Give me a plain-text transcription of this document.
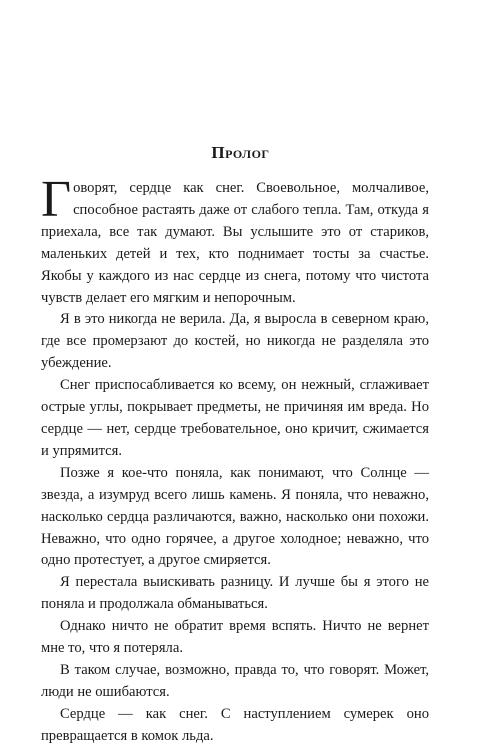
Пролог

Говорят, сердце как снег. Своевольное, молчаливое, способное растаять даже от слабого тепла. Там, откуда я приехала, все так думают. Вы услышите это от стариков, маленьких детей и тех, кто поднимает тосты за счастье. Якобы у каждого из нас сердце из снега, потому что чистота чувств делает его мягким и непорочным.

Я в это никогда не верила. Да, я выросла в северном краю, где все промерзают до костей, но никогда не разделяла это убеждение.

Снег приспосабливается ко всему, он нежный, сглаживает острые углы, покрывает предметы, не причиняя им вреда. Но сердце — нет, сердце требовательное, оно кричит, сжимается и упрямится.

Позже я кое-что поняла, как понимают, что Солнце — звезда, а изумруд всего лишь камень. Я поняла, что неважно, насколько сердца различаются, важно, насколько они похожи. Неважно, что одно горячее, а другое холодное; неважно, что одно протестует, а другое смиряется.

Я перестала выискивать разницу. И лучше бы я этого не поняла и продолжала обманываться.

Однако ничто не обратит время вспять. Ничто не вернет мне то, что я потеряла.

В таком случае, возможно, правда то, что говорят. Может, люди не ошибаются.

Сердце — как снег. С наступлением сумерек оно превращается в комок льда.
